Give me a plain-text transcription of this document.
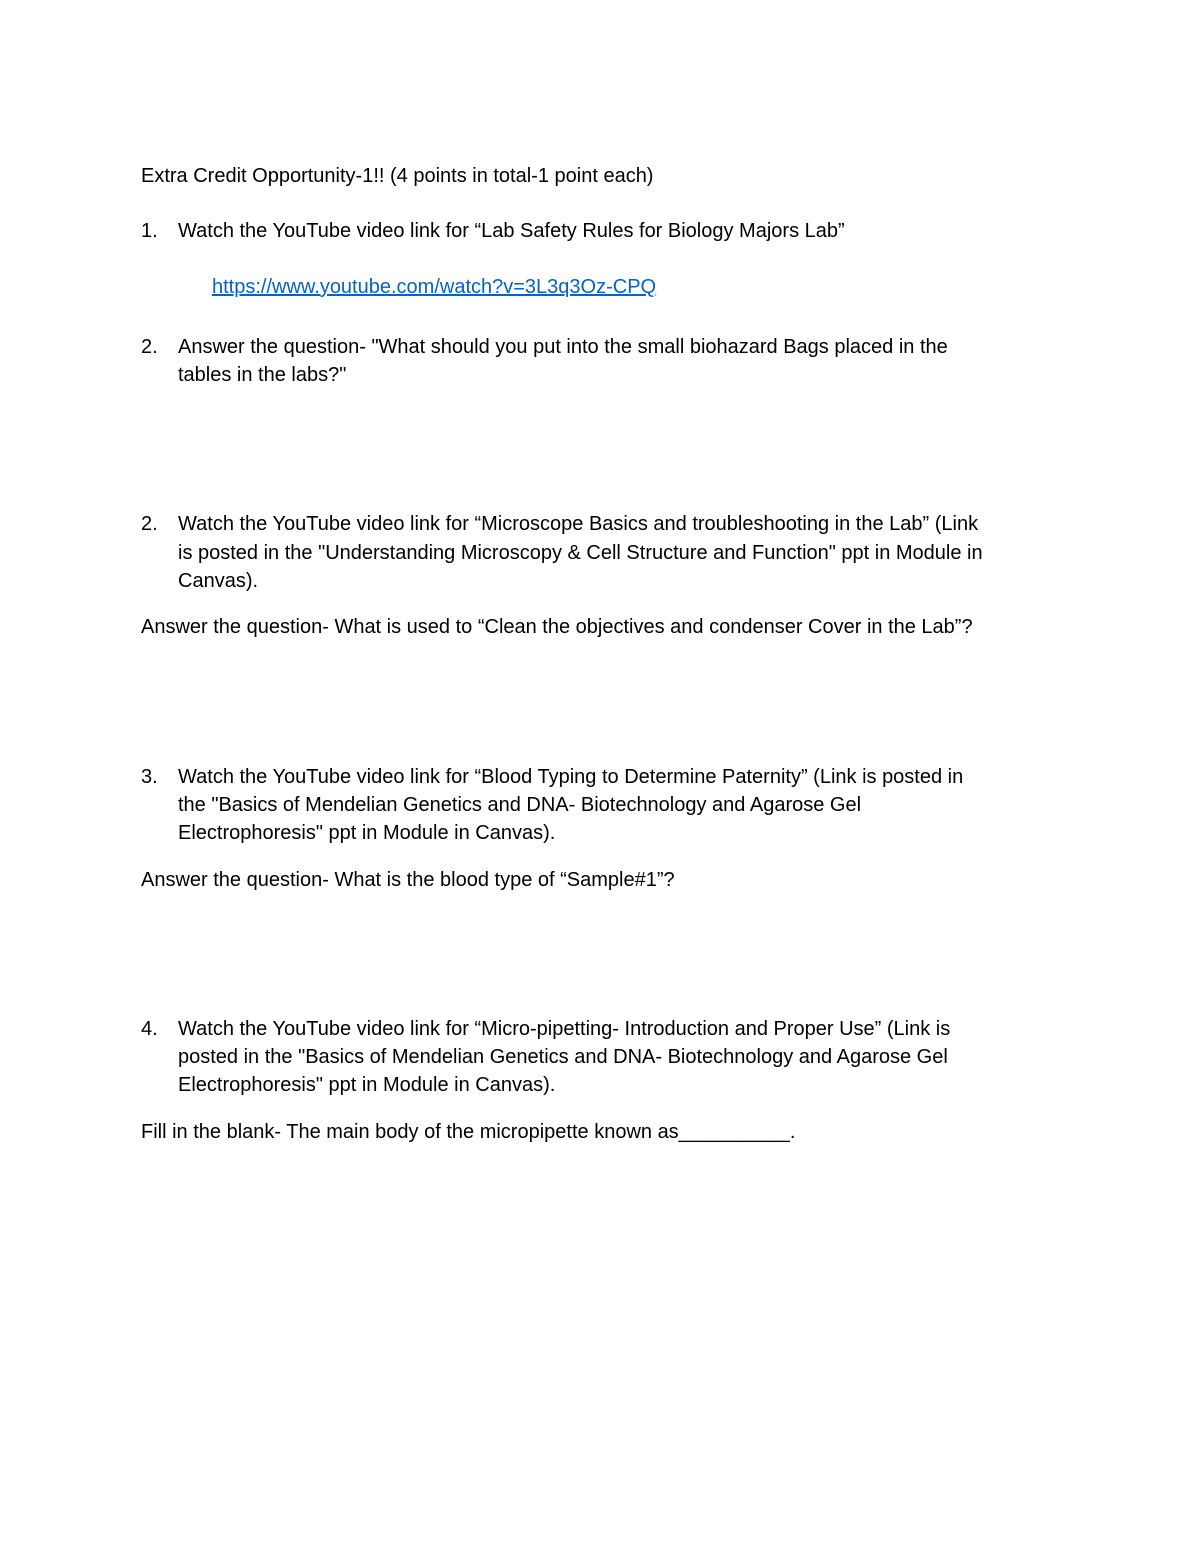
Extra Credit Opportunity-1!! (4 points in total-1 point each)
1. Watch the YouTube video link for “Lab Safety Rules for Biology Majors Lab”
https://www.youtube.com/watch?v=3L3q3Oz-CPQ
2. Answer the question- "What should you put into the small biohazard Bags placed in the
tables in the labs?"
2. Watch the YouTube video link for “Microscope Basics and troubleshooting in the Lab” (Link
is posted in the "Understanding Microscopy & Cell Structure and Function" ppt in Module in
Canvas).
Answer the question- What is used to “Clean the objectives and condenser Cover in the Lab”?
3. Watch the YouTube video link for “Blood Typing to Determine Paternity” (Link is posted in
the "Basics of Mendelian Genetics and DNA- Biotechnology and Agarose Gel
Electrophoresis" ppt in Module in Canvas).
Answer the question- What is the blood type of “Sample#1”?
4. Watch the YouTube video link for “Micro-pipetting- Introduction and Proper Use” (Link is
posted in the "Basics of Mendelian Genetics and DNA- Biotechnology and Agarose Gel
Electrophoresis" ppt in Module in Canvas).
Fill in the blank- The main body of the micropipette known as__________.
